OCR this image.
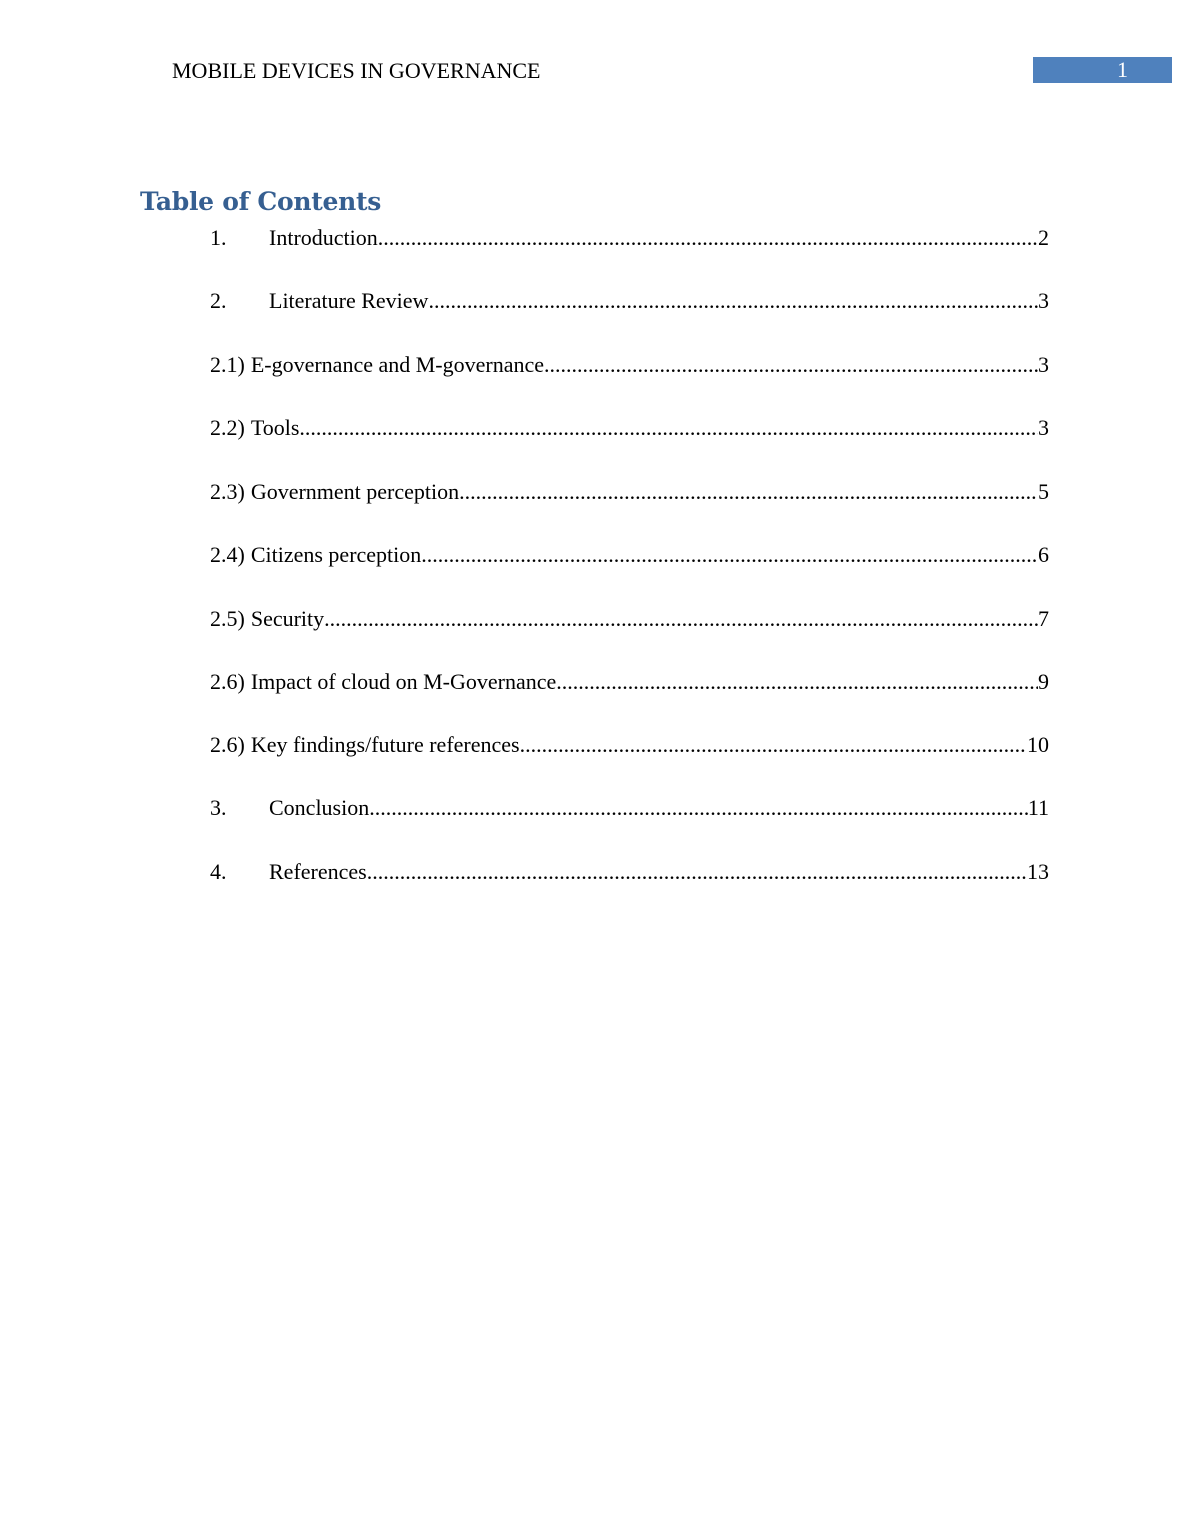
MOBILE DEVICES IN GOVERNANCE	1
Table of Contents
1.	Introduction .....	2
2.	Literature Review .....	3
2.1) E-governance and M-governance .....	3
2.2) Tools .....	3
2.3) Government perception .....	5
2.4) Citizens perception .....	6
2.5) Security .....	7
2.6) Impact of cloud on M-Governance .....	9
2.6) Key findings/future references .....	10
3.	Conclusion .....	11
4.	References .....	13
